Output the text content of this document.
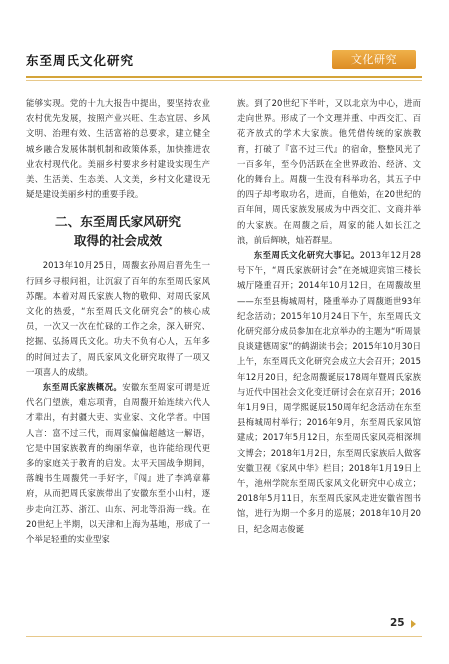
东至周氏文化研究	文化研究

能够实现。党的十九大报告中提出，要坚持农业农村优先发展，按照产业兴旺、生态宜居、乡风文明、治理有效、生活富裕的总要求，建立健全城乡融合发展体制机制和政策体系，加快推进农业农村现代化。美丽乡村要求乡村建设实现生产美、生活美、生态美、人文美，乡村文化建设无疑是建设美丽乡村的重要手段。

二、东至周氏家风研究
取得的社会成效

2013年10月25日，周馥玄孙周启晋先生一行回乡寻根问祖，让沉寂了百年的东至周氏家风苏醒。本着对周氏家族人物的敬仰、对周氏家风文化的热爱，“东至周氏文化研究会”的核心成员，一次又一次在忙碌的工作之余，深入研究、挖掘、弘扬周氏文化。功夫不负有心人，五年多的时间过去了，周氏家风文化研究取得了一项又一项喜人的成绩。

东至周氏家族概况。安徽东至周家可谓是近代名门望族，难忘项背，自周馥开始连续六代人才辈出，有封疆大吏、实业家、文化学者。中国人言：富不过三代，而周家偏偏超越这一解语，它是中国家族教育的绚丽华章，也许能给现代更多的家庭关于教育的启发。太平天国战争期间，落魄书生周馥凭一手好字，『闯』进了李鸿章幕府，从而把周氏家族带出了安徽东至小山村，逐步走向江苏、浙江、山东、河北等沿海一线。在20世纪上半期，以天津和上海为基地，形成了一个举足轻重的实业型家

族。到了20世纪下半叶，又以北京为中心，进而走向世界。形成了一个文理并重、中西交汇、百花齐放式的学术大家族。他凭借传统的家族教育，打破了『富不过三代』的宿命，整整风光了一百多年，至今仍活跃在全世界政治、经济、文化的舞台上。周馥一生没有科举功名，其五子中的四子却考取功名，进而，自他始，在20世纪的百年间，周氏家族发展成为中西交汇、文商并举的大家族。在周馥之后，周家的能人如长江之浪，前后辉映，灿若群星。

东至周氏文化研究大事记。2013年12月28号下午，“周氏家族研讨会”在尧城迎宾馆三楼长城厅隆重召开；2014年10月12日，在周馥故里——东至县梅城周村，隆重举办了周馥逝世93年纪念活动；2015年10月24日下午，东至周氏文化研究部分成员参加在北京举办的主题为“听周景良谈建德周家”的鹤湖读书会；2015年10月30日上午，东至周氏文化研究会成立大会召开；2015年12月20日，纪念周馥诞辰178周年暨周氏家族与近代中国社会文化变迁研讨会在京召开；2016年1月9日，周学熙诞辰150周年纪念活动在东至县梅城周村举行；2016年9月，东至周氏家风馆建成；2017年5月12日，东至周氏家风亮相深圳文博会；2018年1月2日，东至周氏家族后人做客安徽卫视《家风中华》栏目；2018年1月19日上午，池州学院东至周氏家风文化研究中心成立；2018年5月11日，东至周氏家风走进安徽省图书馆，进行为期一个多月的巡展；2018年10月20日，纪念周志俊诞

25
